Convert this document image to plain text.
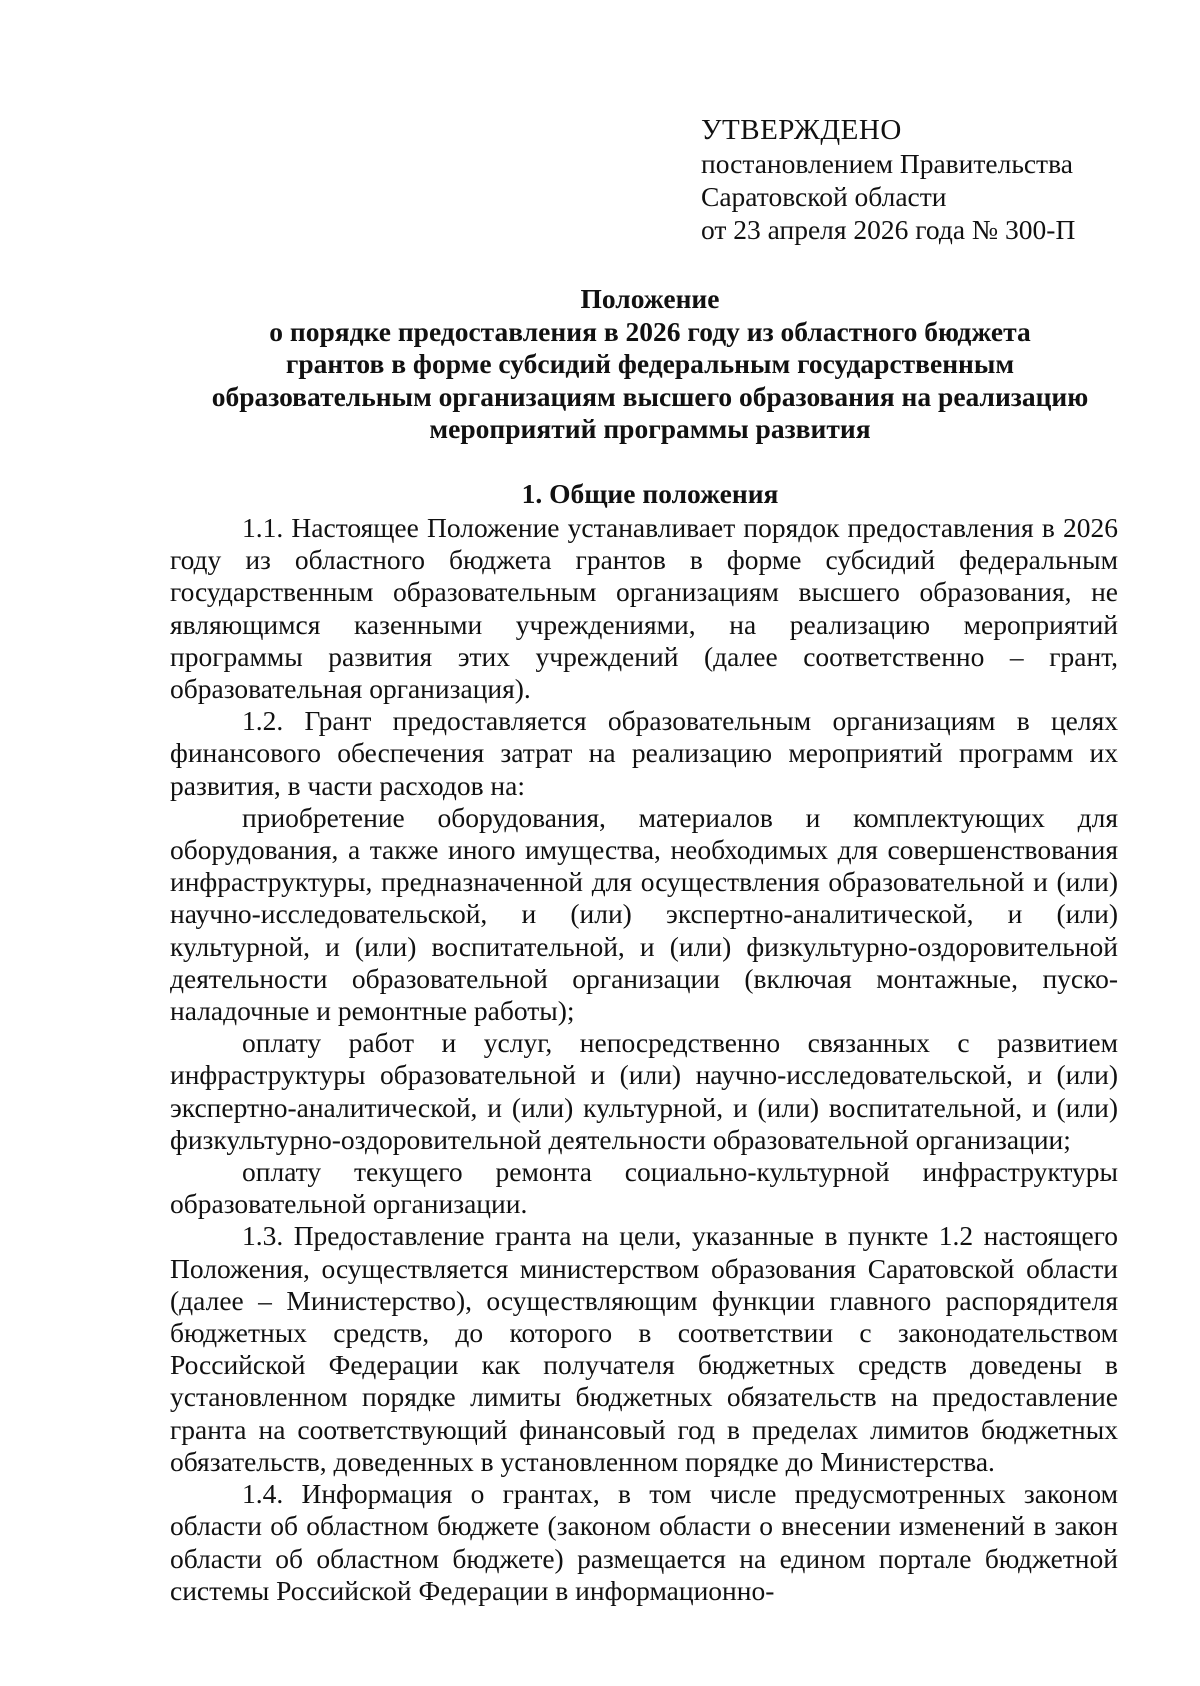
УТВЕРЖДЕНО
постановлением Правительства
Саратовской области
от 23 апреля 2026 года № 300-П
Положение
о порядке предоставления в 2026 году из областного бюджета
грантов в форме субсидий федеральным государственным
образовательным организациям высшего образования на реализацию
мероприятий программы развития
1. Общие положения

1.1. Настоящее Положение устанавливает порядок предоставления в 2026 году из областного бюджета грантов в форме субсидий федеральным государственным образовательным организациям высшего образования, не являющимся казенными учреждениями, на реализацию мероприятий программы развития этих учреждений (далее соответственно – грант, образовательная организация).

1.2. Грант предоставляется образовательным организациям в целях финансового обеспечения затрат на реализацию мероприятий программ их развития, в части расходов на:

приобретение оборудования, материалов и комплектующих для оборудования, а также иного имущества, необходимых для совершенствования инфраструктуры, предназначенной для осуществления образовательной и (или) научно-исследовательской, и (или) экспертно-аналитической, и (или) культурной, и (или) воспитательной, и (или) физкультурно-оздоровительной деятельности образовательной организации (включая монтажные, пуско-наладочные и ремонтные работы);

оплату работ и услуг, непосредственно связанных с развитием инфраструктуры образовательной и (или) научно-исследовательской, и (или) экспертно-аналитической, и (или) культурной, и (или) воспитательной, и (или) физкультурно-оздоровительной деятельности образовательной организации;

оплату текущего ремонта социально-культурной инфраструктуры образовательной организации.

1.3. Предоставление гранта на цели, указанные в пункте 1.2 настоящего Положения, осуществляется министерством образования Саратовской области (далее – Министерство), осуществляющим функции главного распорядителя бюджетных средств, до которого в соответствии с законодательством Российской Федерации как получателя бюджетных средств доведены в установленном порядке лимиты бюджетных обязательств на предоставление гранта на соответствующий финансовый год в пределах лимитов бюджетных обязательств, доведенных в установленном порядке до Министерства.

1.4. Информация о грантах, в том числе предусмотренных законом области об областном бюджете (законом области о внесении изменений в закон области об областном бюджете) размещается на едином портале бюджетной системы Российской Федерации в информационно-
